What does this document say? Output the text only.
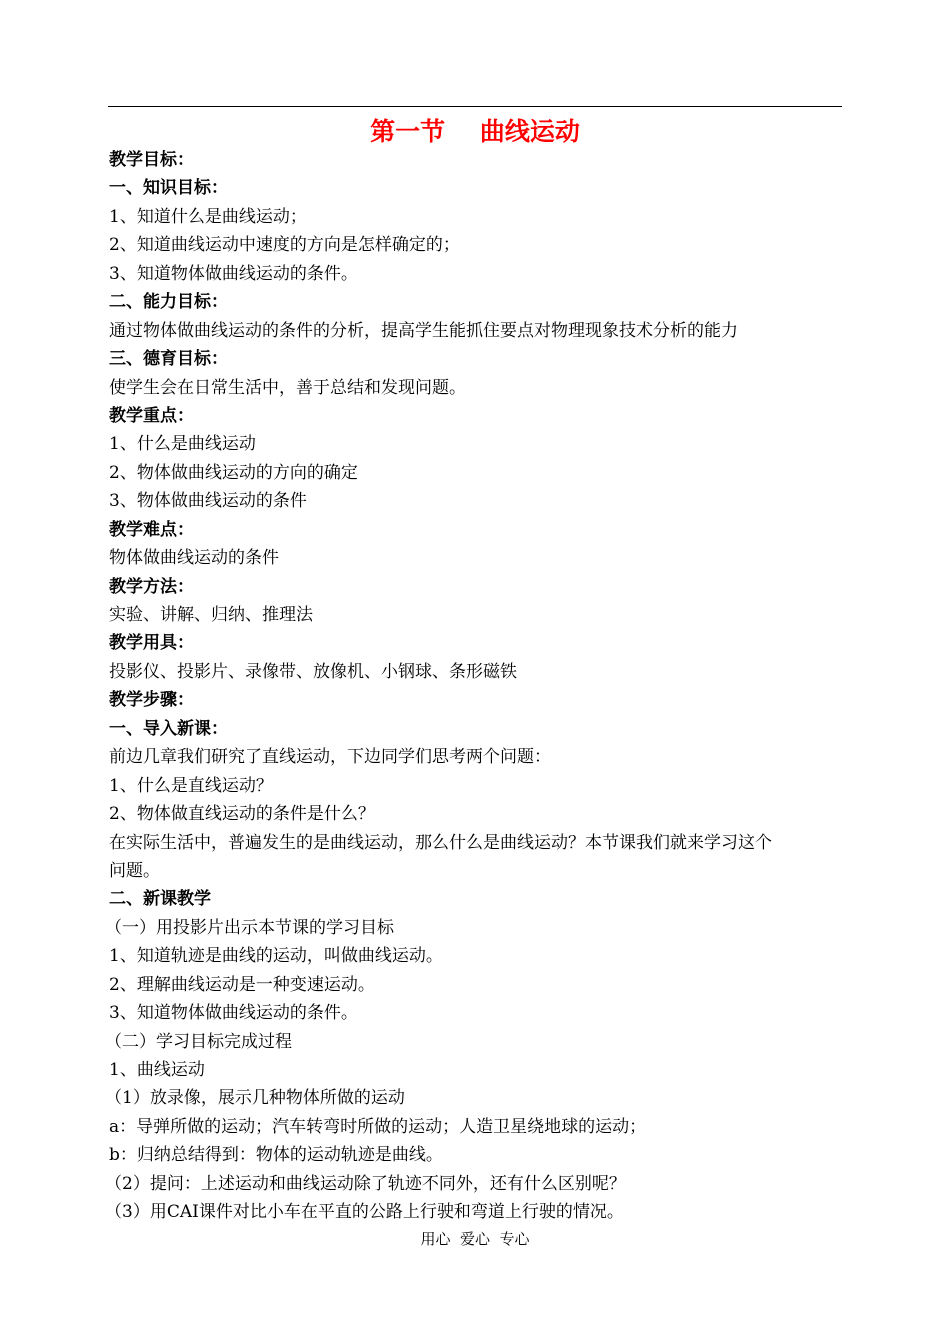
第一节    曲线运动
教学目标：
一、知识目标：
1、知道什么是曲线运动；
2、知道曲线运动中速度的方向是怎样确定的；
3、知道物体做曲线运动的条件。
二、能力目标：
通过物体做曲线运动的条件的分析，提高学生能抓住要点对物理现象技术分析的能力
三、德育目标：
使学生会在日常生活中，善于总结和发现问题。
教学重点：
1、什么是曲线运动
2、物体做曲线运动的方向的确定
3、物体做曲线运动的条件
教学难点：
物体做曲线运动的条件
教学方法：
实验、讲解、归纳、推理法
教学用具：
投影仪、投影片、录像带、放像机、小钢球、条形磁铁
教学步骤：
一、导入新课：
前边几章我们研究了直线运动，下边同学们思考两个问题：
1、什么是直线运动？
2、物体做直线运动的条件是什么？
在实际生活中，普遍发生的是曲线运动，那么什么是曲线运动？本节课我们就来学习这个
问题。
二、新课教学
（一）用投影片出示本节课的学习目标
1、知道轨迹是曲线的运动，叫做曲线运动。
2、理解曲线运动是一种变速运动。
3、知道物体做曲线运动的条件。
（二）学习目标完成过程
1、曲线运动
（1）放录像，展示几种物体所做的运动
a：导弹所做的运动；汽车转弯时所做的运动；人造卫星绕地球的运动；
b：归纳总结得到：物体的运动轨迹是曲线。
（2）提问：上述运动和曲线运动除了轨迹不同外，还有什么区别呢？
（3）用CAI课件对比小车在平直的公路上行驶和弯道上行驶的情况。
用心  爱心  专心
